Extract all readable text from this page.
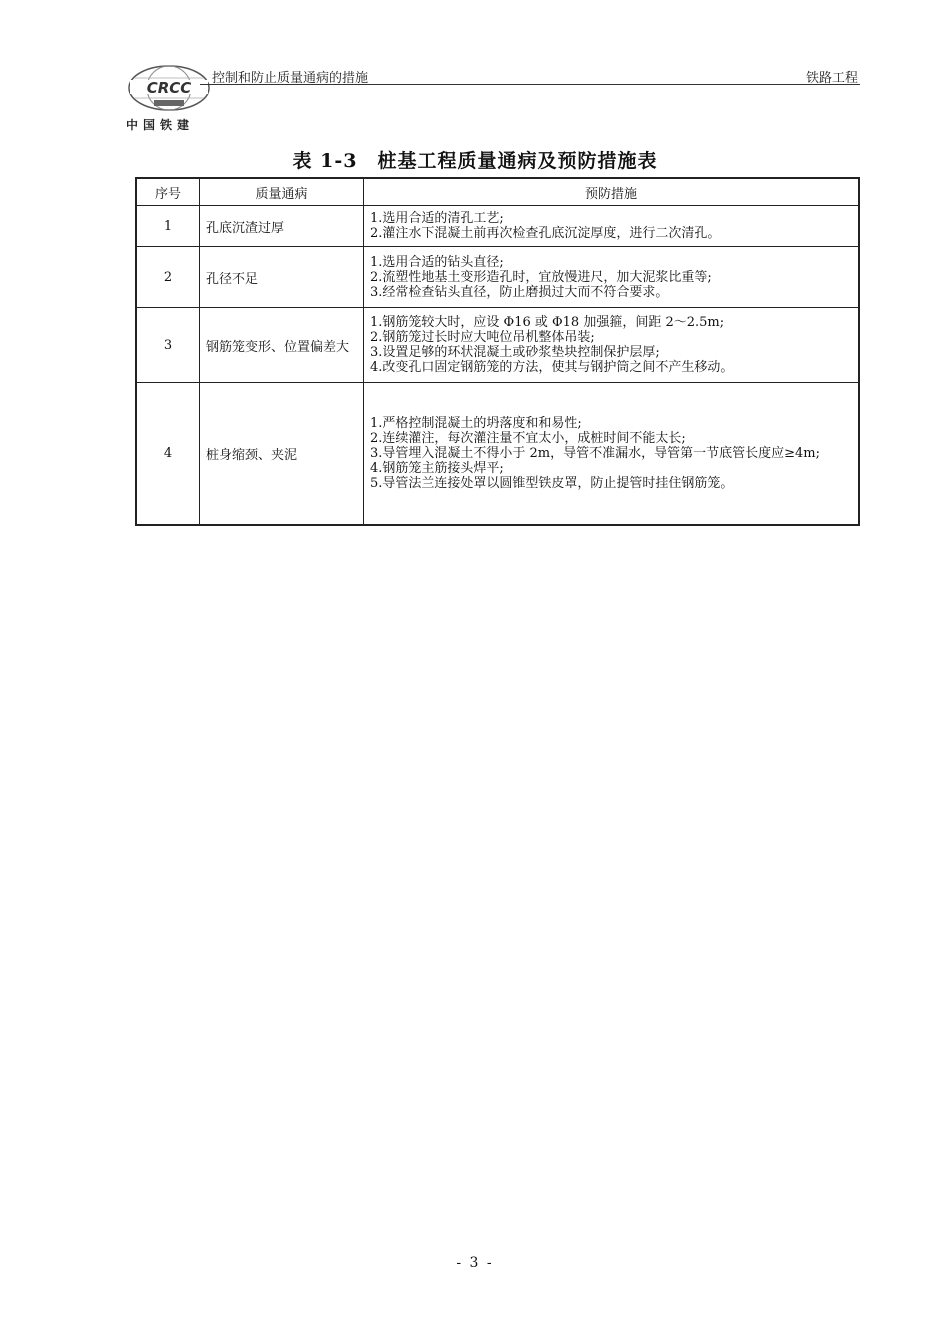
CRCC
中国铁建
控制和防止质量通病的措施	铁路工程
表 1-3　桩基工程质量通病及预防措施表
序号	质量通病	预防措施
1	孔底沉渣过厚	1.选用合适的清孔工艺;
2.灌注水下混凝土前再次检查孔底沉淀厚度，进行二次清孔。

2	孔径不足	1.选用合适的钻头直径;
2.流塑性地基土变形造孔时，宜放慢进尺，加大泥浆比重等;
3.经常检查钻头直径，防止磨损过大而不符合要求。

3	钢筋笼变形、位置偏差大	1.钢筋笼较大时，应设 Φ16 或 Φ18 加强箍，间距 2～2.5m;
2.钢筋笼过长时应大吨位吊机整体吊装;
3.设置足够的环状混凝土或砂浆垫块控制保护层厚;
4.改变孔口固定钢筋笼的方法，使其与钢护筒之间不产生移动。

4	桩身缩颈、夹泥	1.严格控制混凝土的坍落度和和易性;
2.连续灌注，每次灌注量不宜太小，成桩时间不能太长;
3.导管埋入混凝土不得小于 2m，导管不准漏水，导管第一节底管长度应≥4m;
4.钢筋笼主筋接头焊平;
5.导管法兰连接处罩以圆锥型铁皮罩，防止提管时挂住钢筋笼。
- 3 -
